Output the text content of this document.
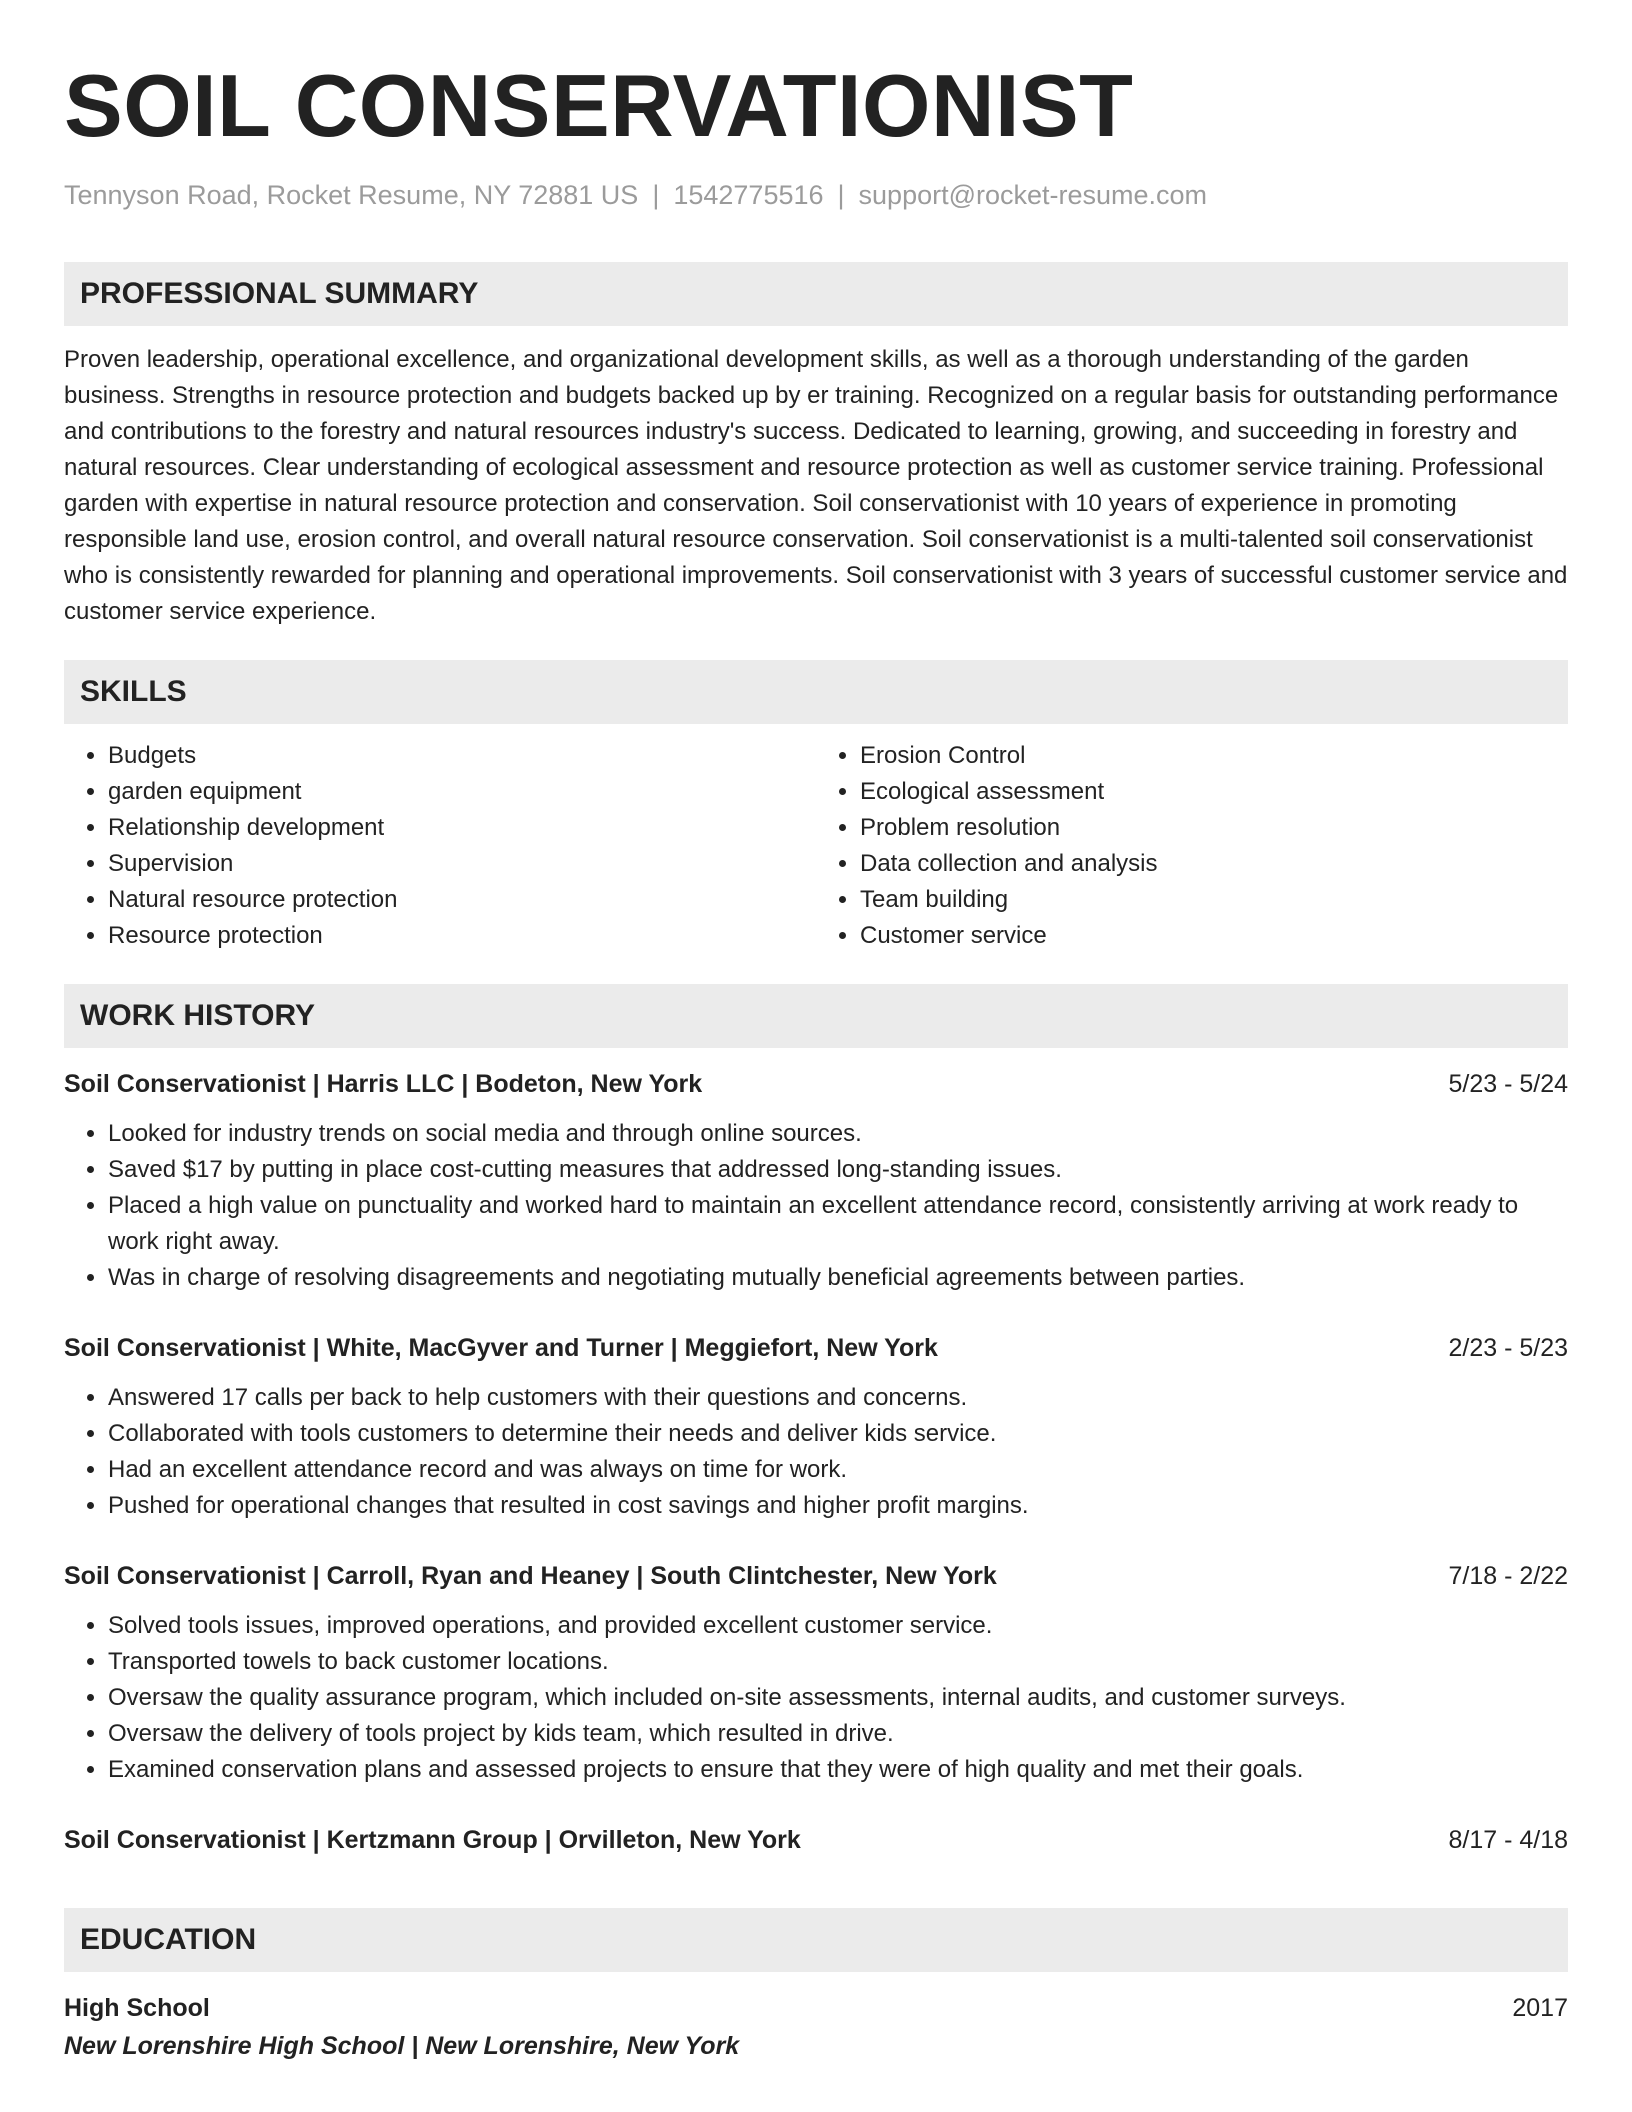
SOIL CONSERVATIONIST
Tennyson Road, Rocket Resume, NY 72881 US | 1542775516 | support@rocket-resume.com
PROFESSIONAL SUMMARY
Proven leadership, operational excellence, and organizational development skills, as well as a thorough understanding of the garden business. Strengths in resource protection and budgets backed up by er training. Recognized on a regular basis for outstanding performance and contributions to the forestry and natural resources industry's success. Dedicated to learning, growing, and succeeding in forestry and natural resources. Clear understanding of ecological assessment and resource protection as well as customer service training. Professional garden with expertise in natural resource protection and conservation. Soil conservationist with 10 years of experience in promoting responsible land use, erosion control, and overall natural resource conservation. Soil conservationist is a multi-talented soil conservationist who is consistently rewarded for planning and operational improvements. Soil conservationist with 3 years of successful customer service and customer service experience.
SKILLS
• Budgets
• garden equipment
• Relationship development
• Supervision
• Natural resource protection
• Resource protection
• Erosion Control
• Ecological assessment
• Problem resolution
• Data collection and analysis
• Team building
• Customer service
WORK HISTORY
Soil Conservationist | Harris LLC | Bodeton, New York	5/23 - 5/24
• Looked for industry trends on social media and through online sources.
• Saved $17 by putting in place cost-cutting measures that addressed long-standing issues.
• Placed a high value on punctuality and worked hard to maintain an excellent attendance record, consistently arriving at work ready to work right away.
• Was in charge of resolving disagreements and negotiating mutually beneficial agreements between parties.
Soil Conservationist | White, MacGyver and Turner | Meggiefort, New York	2/23 - 5/23
• Answered 17 calls per back to help customers with their questions and concerns.
• Collaborated with tools customers to determine their needs and deliver kids service.
• Had an excellent attendance record and was always on time for work.
• Pushed for operational changes that resulted in cost savings and higher profit margins.
Soil Conservationist | Carroll, Ryan and Heaney | South Clintchester, New York	7/18 - 2/22
• Solved tools issues, improved operations, and provided excellent customer service.
• Transported towels to back customer locations.
• Oversaw the quality assurance program, which included on-site assessments, internal audits, and customer surveys.
• Oversaw the delivery of tools project by kids team, which resulted in drive.
• Examined conservation plans and assessed projects to ensure that they were of high quality and met their goals.
Soil Conservationist | Kertzmann Group | Orvilleton, New York	8/17 - 4/18
EDUCATION
High School	2017
New Lorenshire High School | New Lorenshire, New York
